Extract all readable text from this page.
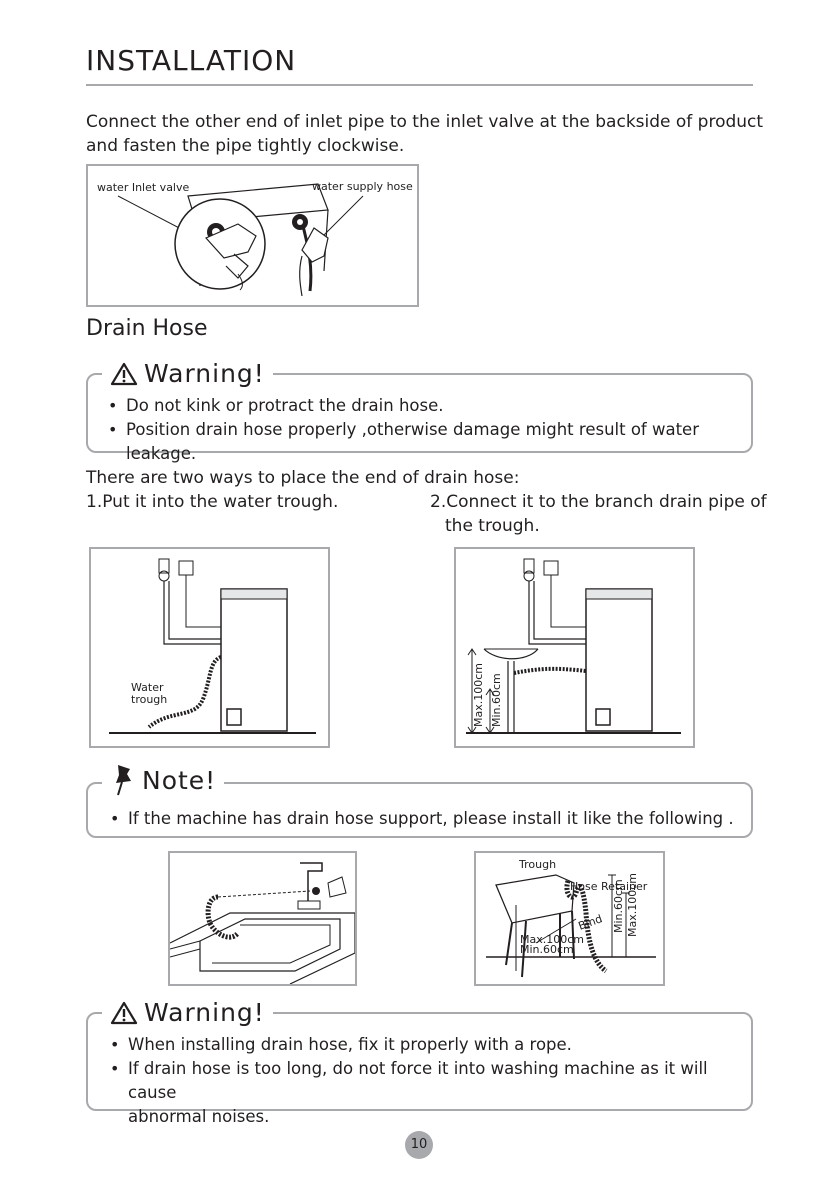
INSTALLATION
Connect the other end of inlet pipe to the inlet valve at the backside of product
and fasten the pipe tightly clockwise.
water Inlet valve	water supply hose
Drain Hose
Warning!
• Do not kink or protract the drain hose.
• Position drain hose properly ,otherwise damage might result of water leakage.
There are two ways to place the end of drain hose:
1.Put it into the water trough.	2.Connect it to the branch drain pipe of
the trough.
Water
trough	Max.100cm Min.60cm
Note!
• If the machine has drain hose support, please install it like the following .
Trough
Hose Retainer
Bind
Max.100cm
Min.60cm
Min.60cm Max.100cm
Warning!
• When installing drain hose, fix it properly with a rope.
• If drain hose is too long, do not force it into washing machine as it will cause
abnormal noises.
10
